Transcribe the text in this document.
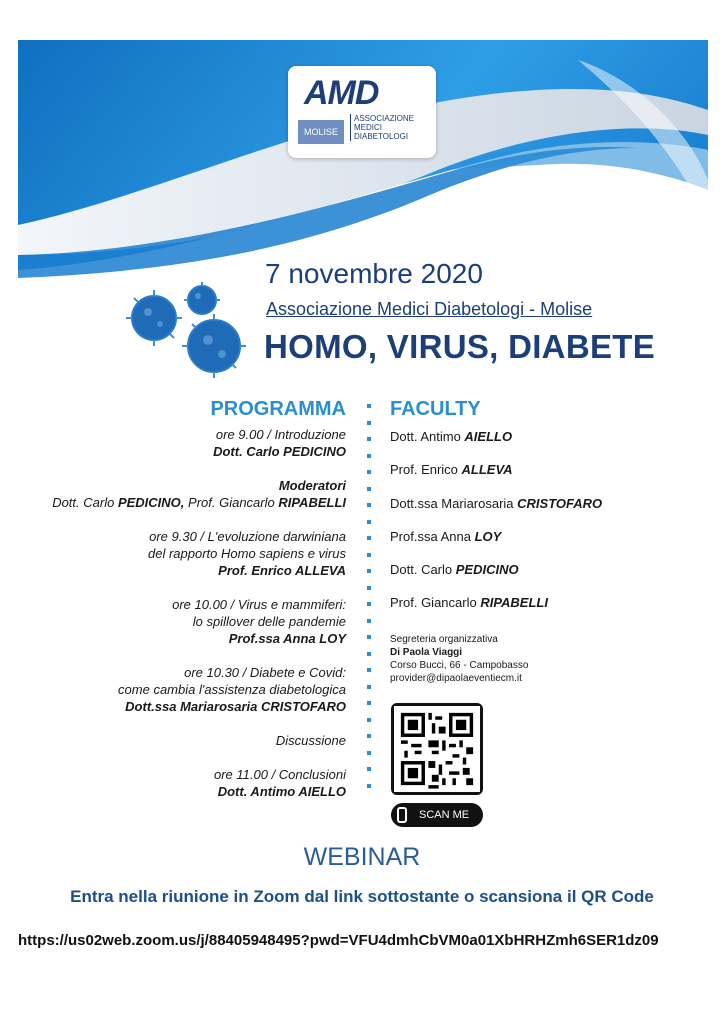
AMD
MOLISE
ASSOCIAZIONE
MEDICI
DIABETOLOGI
7 novembre 2020
Associazione Medici Diabetologi - Molise
HOMO, VIRUS, DIABETE
PROGRAMMA
ore 9.00 / Introduzione
Dott. Carlo PEDICINO
Moderatori
Dott. Carlo PEDICINO, Prof. Giancarlo RIPABELLI
ore 9.30 / L'evoluzione darwiniana
del rapporto Homo sapiens e virus
Prof. Enrico ALLEVA
ore 10.00 / Virus e mammiferi:
lo spillover delle pandemie
Prof.ssa Anna LOY
ore 10.30 / Diabete e Covid:
come cambia l'assistenza diabetologica
Dott.ssa Mariarosaria CRISTOFARO
Discussione
ore 11.00 / Conclusioni
Dott. Antimo AIELLO
FACULTY
Dott. Antimo AIELLO
Prof. Enrico ALLEVA
Dott.ssa Mariarosaria CRISTOFARO
Prof.ssa Anna LOY
Dott. Carlo PEDICINO
Prof. Giancarlo RIPABELLI
Segreteria organizzativa
Di Paola Viaggi
Corso Bucci, 66 - Campobasso
provider@dipaolaeventiecm.it
SCAN ME
WEBINAR
Entra nella riunione in Zoom dal link sottostante o scansiona il QR Code
https://us02web.zoom.us/j/88405948495?pwd=VFU4dmhCbVM0a01XbHRHZmh6SER1dz09
